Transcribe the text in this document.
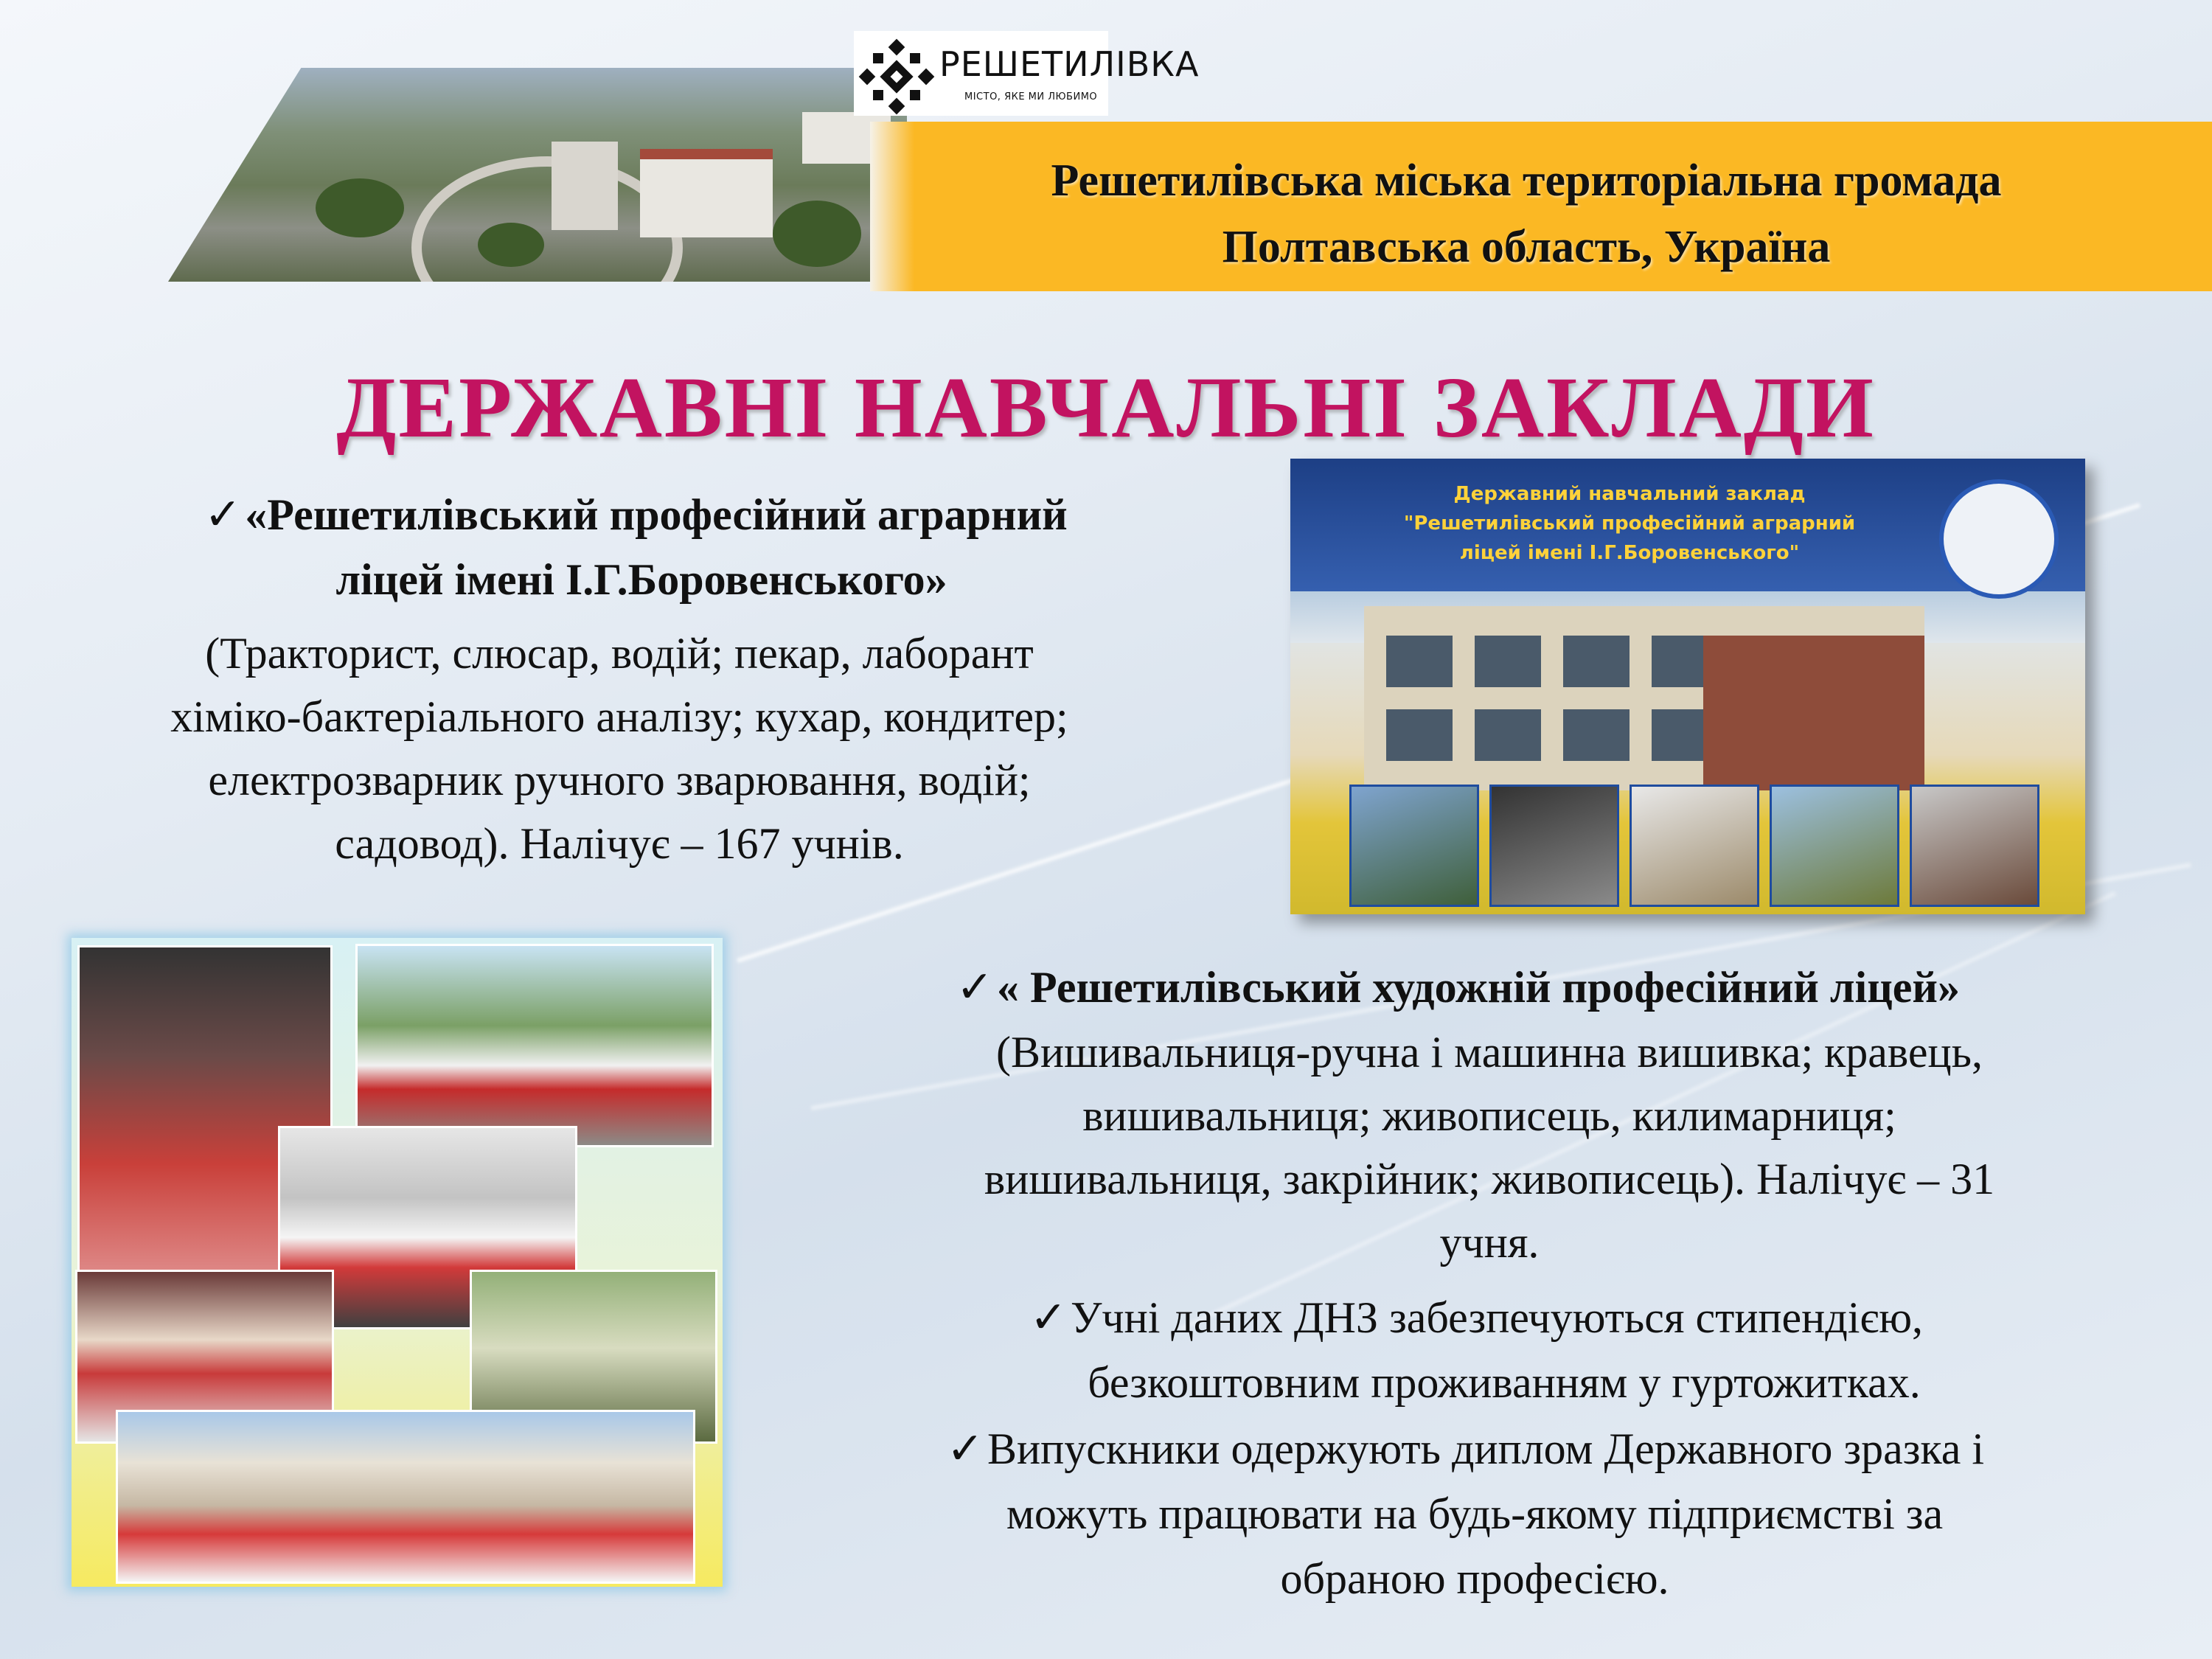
Решетилівська міська територіальна громада
Полтавська область, Україна
РЕШЕТИЛІВКА
МІСТО, ЯКЕ МИ ЛЮБИМО
ДЕРЖАВНІ НАВЧАЛЬНІ ЗАКЛАДИ
✓«Решетилівський професійний аграрний
ліцей імені І.Г.Боровенського»
(Тракторист, слюсар, водій; пекар, лаборант
хіміко-бактеріального аналізу; кухар, кондитер;
електрозварник ручного зварювання, водій;
садовод). Налічує – 167 учнів.
Державний навчальний заклад
"Решетилівський професійний аграрний
ліцей імені І.Г.Боровенського"
✓« Решетилівський художній професійний ліцей»
(Вишивальниця-ручна і машинна вишивка; кравець,
вишивальниця; живописець, килимарниця;
вишивальниця, закрійник; живописець). Налічує – 31
учня.
✓Учні даних ДНЗ забезпечуються стипендією,
безкоштовним проживанням у гуртожитках.
✓Випускники одержують диплом Державного зразка і
можуть працювати на будь-якому підприємстві за
обраною професією.
